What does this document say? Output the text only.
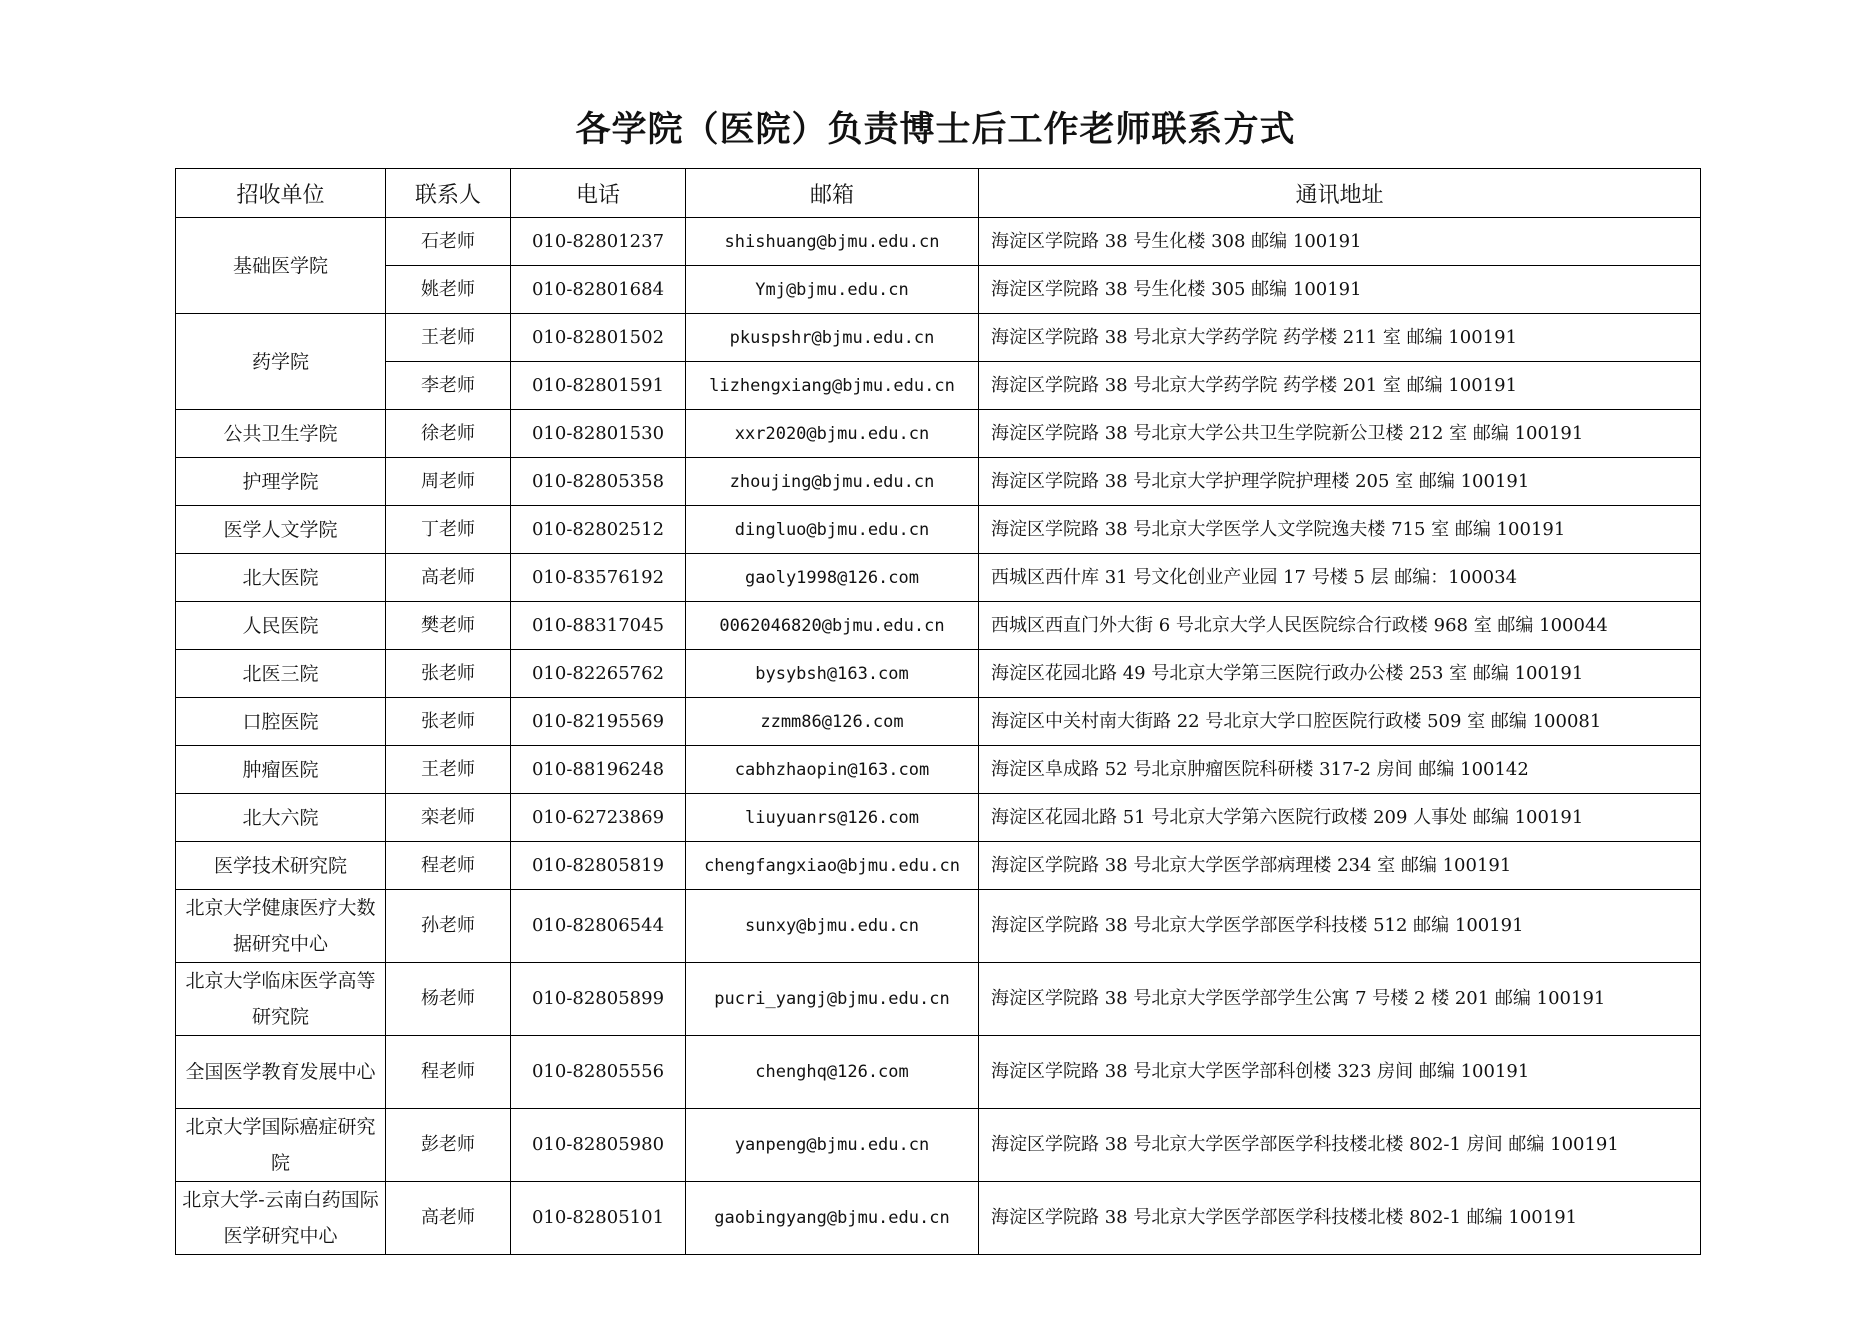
各学院（医院）负责博士后工作老师联系方式
招收单位	联系人	电话	邮箱	通讯地址
基础医学院	石老师	010-82801237	shishuang@bjmu.edu.cn	海淀区学院路 38 号生化楼 308 邮编 100191
	姚老师	010-82801684	Ymj@bjmu.edu.cn	海淀区学院路 38 号生化楼 305 邮编 100191
药学院	王老师	010-82801502	pkuspshr@bjmu.edu.cn	海淀区学院路 38 号北京大学药学院 药学楼 211 室 邮编 100191
	李老师	010-82801591	lizhengxiang@bjmu.edu.cn	海淀区学院路 38 号北京大学药学院 药学楼 201 室 邮编 100191
公共卫生学院	徐老师	010-82801530	xxr2020@bjmu.edu.cn	海淀区学院路 38 号北京大学公共卫生学院新公卫楼 212 室 邮编 100191
护理学院	周老师	010-82805358	zhoujing@bjmu.edu.cn	海淀区学院路 38 号北京大学护理学院护理楼 205 室 邮编 100191
医学人文学院	丁老师	010-82802512	dingluo@bjmu.edu.cn	海淀区学院路 38 号北京大学医学人文学院逸夫楼 715 室 邮编 100191
北大医院	高老师	010-83576192	gaoly1998@126.com	西城区西什库 31 号文化创业产业园 17 号楼 5 层 邮编：100034
人民医院	樊老师	010-88317045	0062046820@bjmu.edu.cn	西城区西直门外大街 6 号北京大学人民医院综合行政楼 968 室 邮编 100044
北医三院	张老师	010-82265762	bysybsh@163.com	海淀区花园北路 49 号北京大学第三医院行政办公楼 253 室 邮编 100191
口腔医院	张老师	010-82195569	zzmm86@126.com	海淀区中关村南大街路 22 号北京大学口腔医院行政楼 509 室 邮编 100081
肿瘤医院	王老师	010-88196248	cabhzhaopin@163.com	海淀区阜成路 52 号北京肿瘤医院科研楼 317-2 房间 邮编 100142
北大六院	栾老师	010-62723869	liuyuanrs@126.com	海淀区花园北路 51 号北京大学第六医院行政楼 209 人事处 邮编 100191
医学技术研究院	程老师	010-82805819	chengfangxiao@bjmu.edu.cn	海淀区学院路 38 号北京大学医学部病理楼 234 室 邮编 100191
北京大学健康医疗大数据研究中心	孙老师	010-82806544	sunxy@bjmu.edu.cn	海淀区学院路 38 号北京大学医学部医学科技楼 512 邮编 100191
北京大学临床医学高等研究院	杨老师	010-82805899	pucri_yangj@bjmu.edu.cn	海淀区学院路 38 号北京大学医学部学生公寓 7 号楼 2 楼 201 邮编 100191
全国医学教育发展中心	程老师	010-82805556	chenghq@126.com	海淀区学院路 38 号北京大学医学部科创楼 323 房间 邮编 100191
北京大学国际癌症研究院	彭老师	010-82805980	yanpeng@bjmu.edu.cn	海淀区学院路 38 号北京大学医学部医学科技楼北楼 802-1 房间 邮编 100191
北京大学-云南白药国际医学研究中心	高老师	010-82805101	gaobingyang@bjmu.edu.cn	海淀区学院路 38 号北京大学医学部医学科技楼北楼 802-1 邮编 100191
